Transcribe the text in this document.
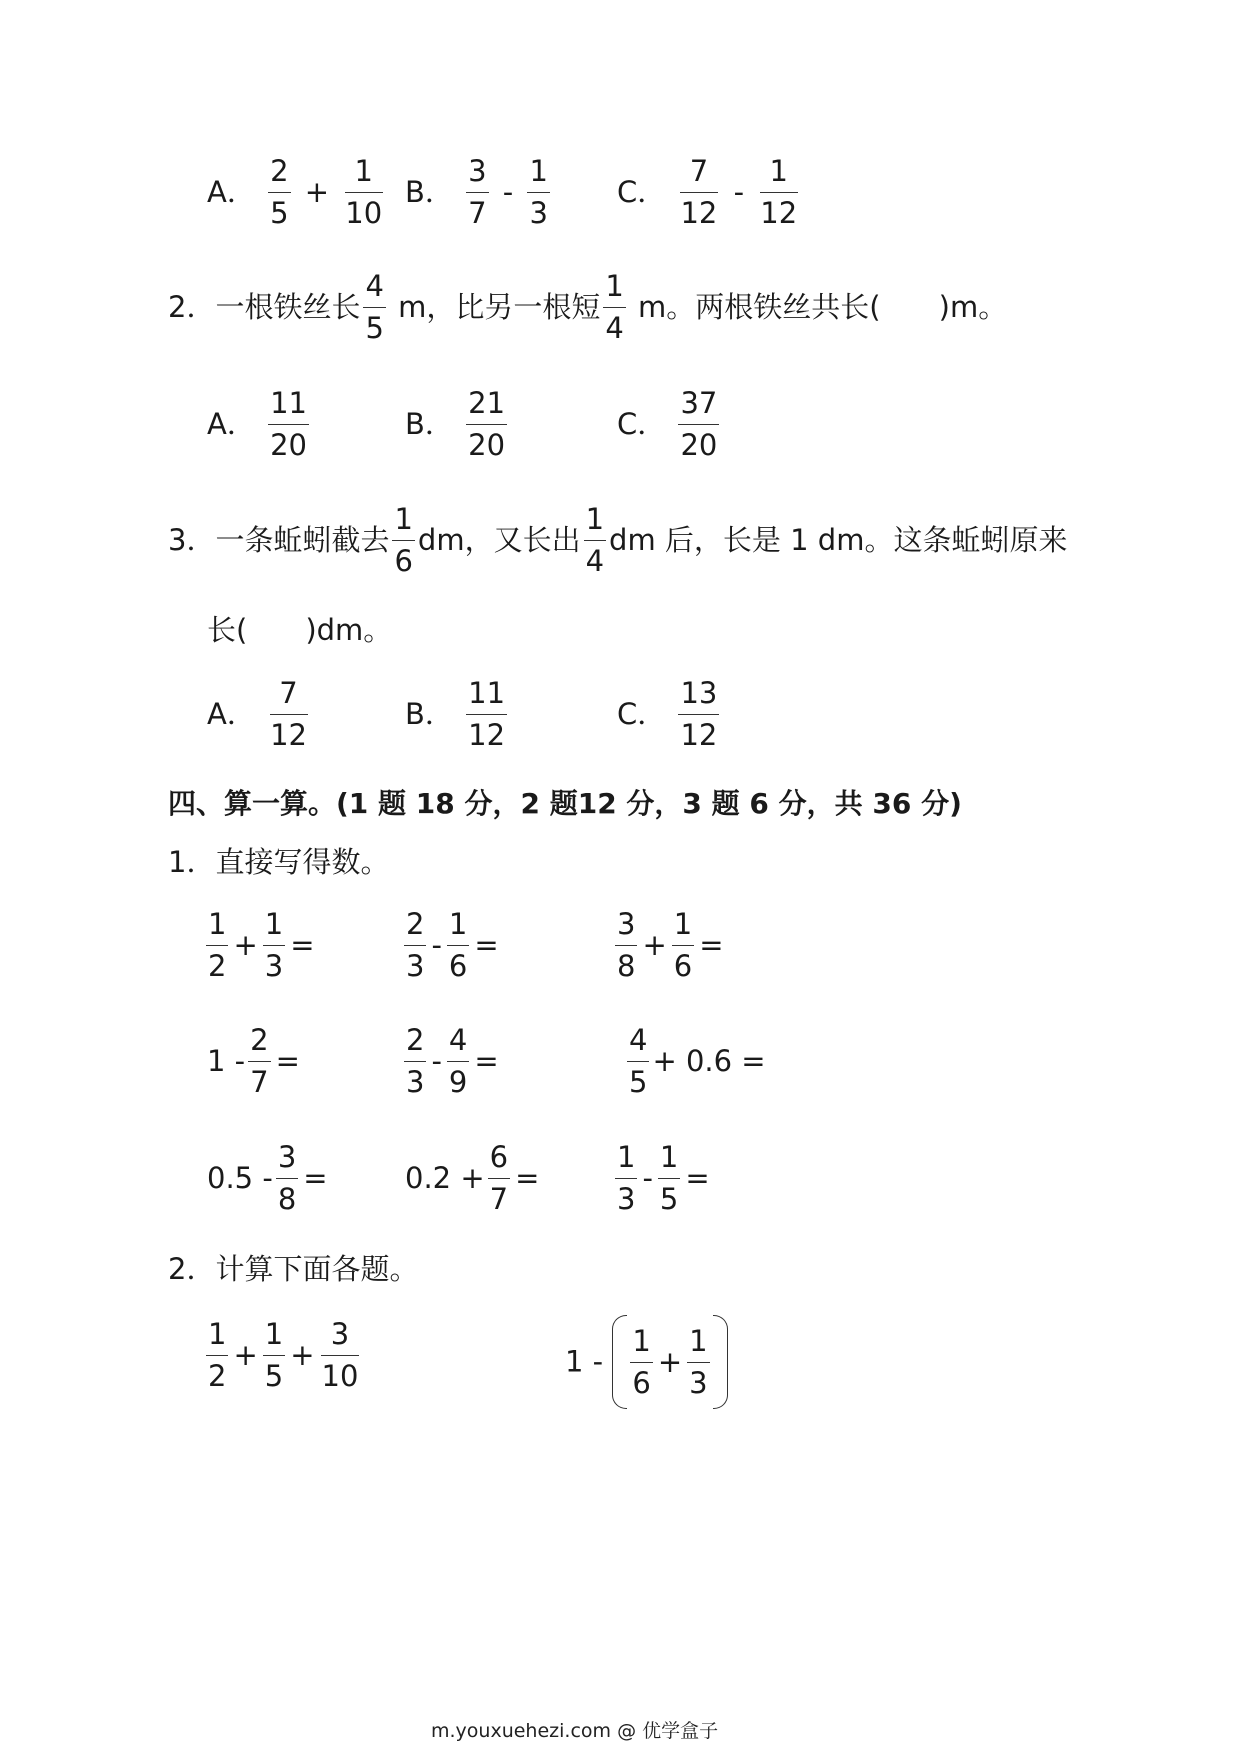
A． $\frac{2}{5} + \frac{1}{10}$ B． $\frac{3}{7} - \frac{1}{3}$ C． $\frac{7}{12} - \frac{1}{12}$
2．一根铁丝长 $\frac{4}{5}$ m，比另一根短 $\frac{1}{4}$ m。两根铁丝共长(　　)m。
A． $\frac{11}{20}$	B． $\frac{21}{20}$	C． $\frac{37}{20}$
3．一条蚯蚓截去 $\frac{1}{6}$ dm，又长出 $\frac{1}{4}$ dm 后，长是 1 dm。这条蚯蚓原来
长(　　)dm。
A． $\frac{7}{12}$	B． $\frac{11}{12}$	C． $\frac{13}{12}$
四、算一算。(1 题 18 分，2 题12 分，3 题 6 分，共 36 分)
1．直接写得数。
$\frac{1}{2} + \frac{1}{3}$ =	$\frac{2}{3} - \frac{1}{6}$ =	$\frac{3}{8} + \frac{1}{6}$ =
$1 - \frac{2}{7}$ =	$\frac{2}{3} - \frac{4}{9}$ =	$\frac{4}{5} + 0.6$ =
$0.5 - \frac{3}{8}$ =	$0.2 + \frac{6}{7}$ =	$\frac{1}{3} - \frac{1}{5}$ =
2．计算下面各题。
$\frac{1}{2} + \frac{1}{5} + \frac{3}{10}$	$1 - \frac{1}{6} + \frac{1}{3}$
m.youxuehezi.com @ 优学盒子
